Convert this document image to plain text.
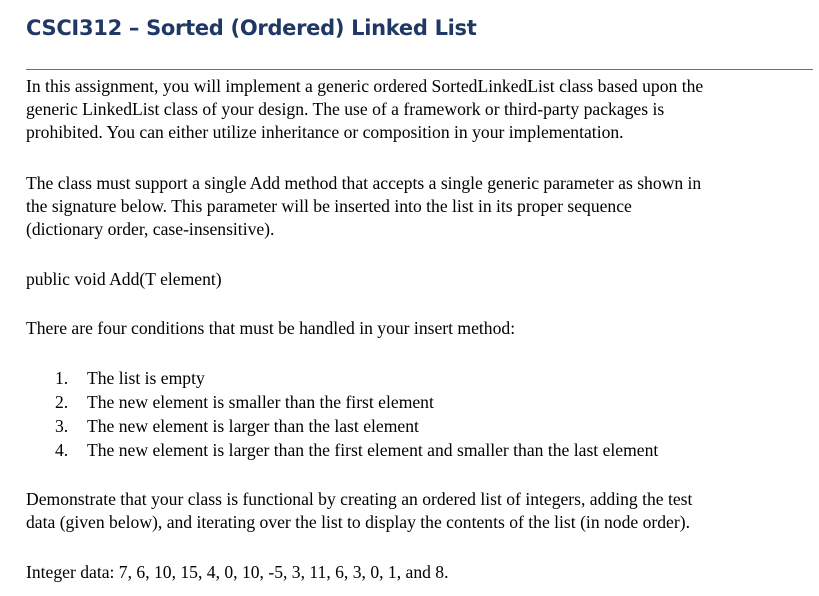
CSCI312 – Sorted (Ordered) Linked List

In this assignment, you will implement a generic ordered SortedLinkedList class based upon the
generic LinkedList class of your design. The use of a framework or third-party packages is
prohibited. You can either utilize inheritance or composition in your implementation.

The class must support a single Add method that accepts a single generic parameter as shown in
the signature below. This parameter will be inserted into the list in its proper sequence
(dictionary order, case-insensitive).

public void Add(T element)

There are four conditions that must be handled in your insert method:

1.	The list is empty
2.	The new element is smaller than the first element
3.	The new element is larger than the last element
4.	The new element is larger than the first element and smaller than the last element

Demonstrate that your class is functional by creating an ordered list of integers, adding the test
data (given below), and iterating over the list to display the contents of the list (in node order).

Integer data: 7, 6, 10, 15, 4, 0, 10, -5, 3, 11, 6, 3, 0, 1, and 8.
